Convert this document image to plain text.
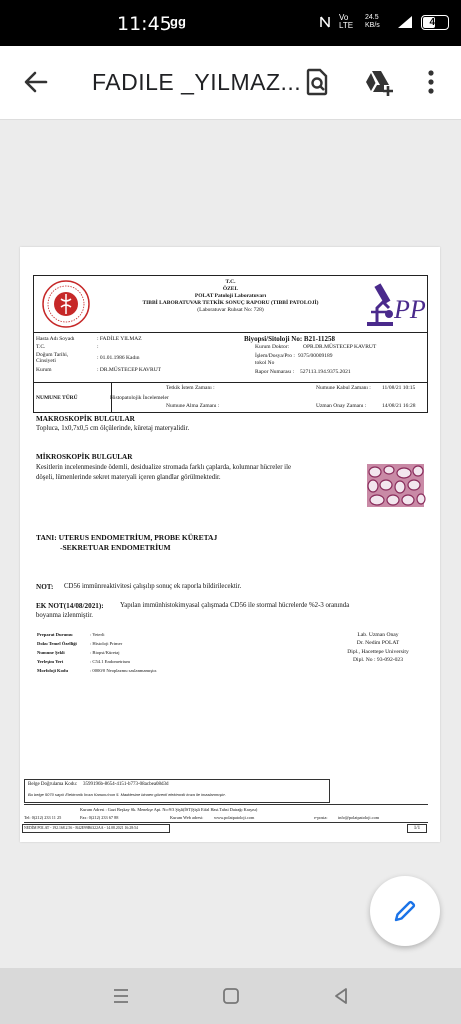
11:45
gg	Vo LTE
24.5 KB/s	45
FADILE _YILMAZ...
T.C.
ÖZEL
POLAT Patoloji Laboratuvarı
TIBBİ LABORATUVAR TETKİK SONUÇ RAPORU (TIBBİ PATOLOJİ)
(Laboratuvar Ruhsat No: 728)	PP
Hasta Adı Soyadı	: FADİLE YILMAZ
T.C.	:
Doğum Tarihi, Cinsiyeti	: 01.01.1986 Kadın
Kurum	: DR.MÜSTECEP KAVRUT
Biyopsi/Sitoloji No: B21-11258
Kurum Doktor:	OPR.DR.MÜSTECEP KAVRUT
İşlem/Dosya/Pro : 9375/00009189
tokol No
Rapor Numarası : 527113.194.9375.2021
NUMUNE TÜRÜ	Histopatolojik İncelemeler
Tetkik İstem Zamanı :
Numune Alma Zamanı :
Numune Kabul Zamanı : 11/08/21 10:15
Uzman Onay Zamanı :	14/08/21 16:28
MAKROSKOPİK BULGULAR
Topluca, 1x0,7x0,5 cm ölçülerinde, küretaj materyalidir.
MİKROSKOPİK BULGULAR
Kesitlerin incelenmesinde ödemli, desidualize stromada farklı çaplarda, kolumnar hücreler ile
döşeli, lümenlerinde sekret materyali içeren glandlar görülmektedir.
TANI: UTERUS ENDOMETRİUM, PROBE KÜRETAJ
-SEKRETUAR ENDOMETRİUM
NOT: CD56 immünreaktivitesi çalışılıp sonuç ek raporla bildirilecektir.
EK NOT(14/08/2021): Yapılan immünhistokimyasal çalışmada CD56 ile stormal hücrelerde %2-3 oranında
boyanma izlenmiştir.
Preparat Durumu	: Yeterli
Doku Temel Özelliği	: Histoloji Primer
Numune Şekli	: Biopsi/Küretaj
Yerleşim Yeri	: C54.1 Endometrium
Morfoloji Kodu	: 0000/0 Neoplazmu saslanmamıştır.
Lab. Uzman Onay
Dr. Nedim POLAT
Dipl., Hacettepe University
Dipl. No : 93-092-023
Belge Doğrulama Kodu: 3599196b-8654-4151-b773-08acbea08d3d
Bu belge 5070 sayılı Elektronik İmza Kanunu'nun 5. Maddesine binaen güvenli elektronik imza ile imzalanmıştır.
Kurum Adresi : Gazi Beşkay Sk. Menekşe Apt. No:9/3 Şişli(İST)Şişli Etfal Hast.Tahsi Dairağı Karşısı)
Tel: 0(212) 233 11 25	Fax: 0(212) 233 67 88	Kurum Web adresi: www.polatpatoloji.com	e-posta: info@polatpatoloji.com
NEDİM POLAT - 192.168.2.56 - B42E99B6322AA - 14.08.2021 16:28:54	1/1
